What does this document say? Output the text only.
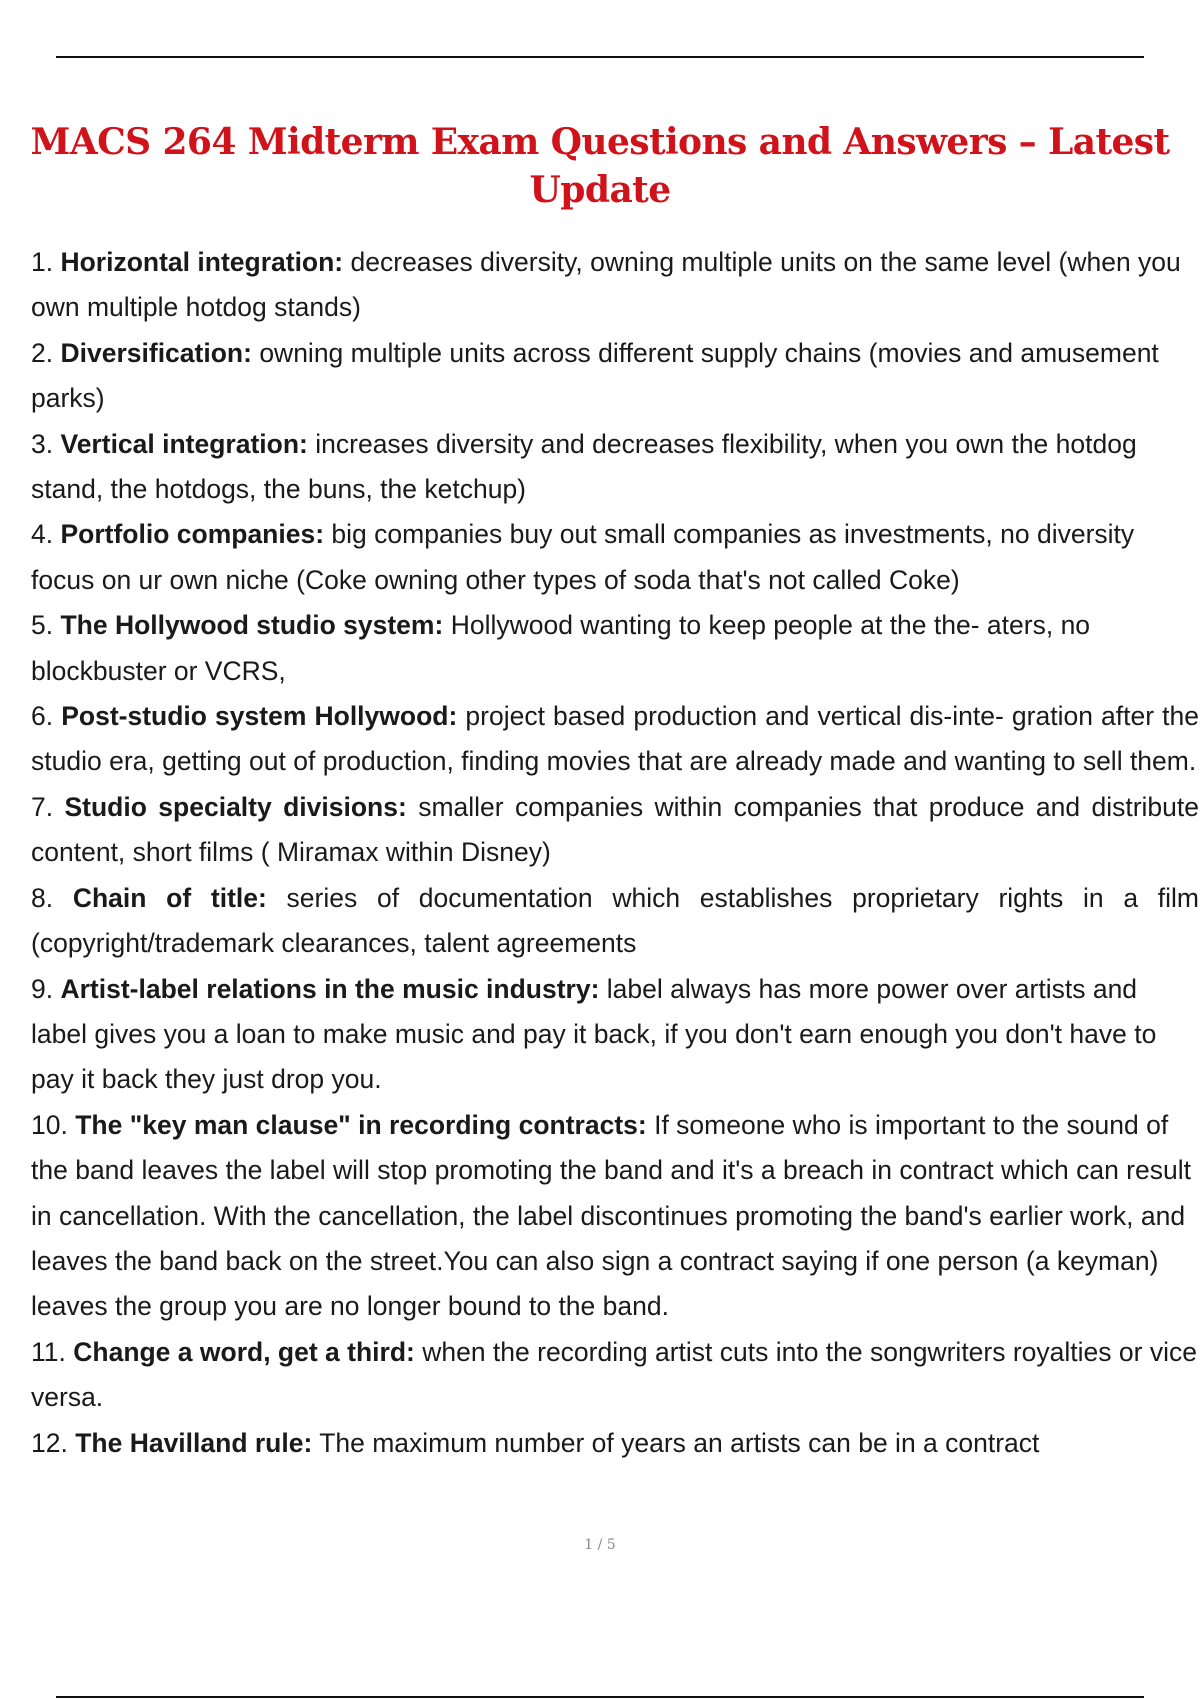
MACS 264 Midterm Exam Questions and Answers – Latest Update
1. Horizontal integration: decreases diversity, owning multiple units on the same level (when you own multiple hotdog stands)
2. Diversification: owning multiple units across different supply chains (movies and amusement parks)
3. Vertical integration: increases diversity and decreases flexibility, when you own the hotdog stand, the hotdogs, the buns, the ketchup)
4. Portfolio companies: big companies buy out small companies as investments, no diversity focus on ur own niche (Coke owning other types of soda that's not called Coke)
5. The Hollywood studio system: Hollywood wanting to keep people at the the- aters, no blockbuster or VCRS,
6. Post-studio system Hollywood: project based production and vertical dis-inte- gration after the studio era, getting out of production, finding movies that are already made and wanting to sell them.
7. Studio specialty divisions: smaller companies within companies that produce and distribute content, short films ( Miramax within Disney)
8. Chain of title: series of documentation which establishes proprietary rights in a film (copyright/trademark clearances, talent agreements
9. Artist-label relations in the music industry: label always has more power over artists and label gives you a loan to make music and pay it back, if you don't earn enough you don't have to pay it back they just drop you.
10. The "key man clause" in recording contracts: If someone who is important to the sound of the band leaves the label will stop promoting the band and it's a breach in contract which can result in cancellation. With the cancellation, the label discontinues promoting the band's earlier work, and leaves the band back on the street.You can also sign a contract saying if one person (a keyman) leaves the group you are no longer bound to the band.
11. Change a word, get a third: when the recording artist cuts into the songwriters royalties or vice versa.
12. The Havilland rule: The maximum number of years an artists can be in a contract
1 / 5
